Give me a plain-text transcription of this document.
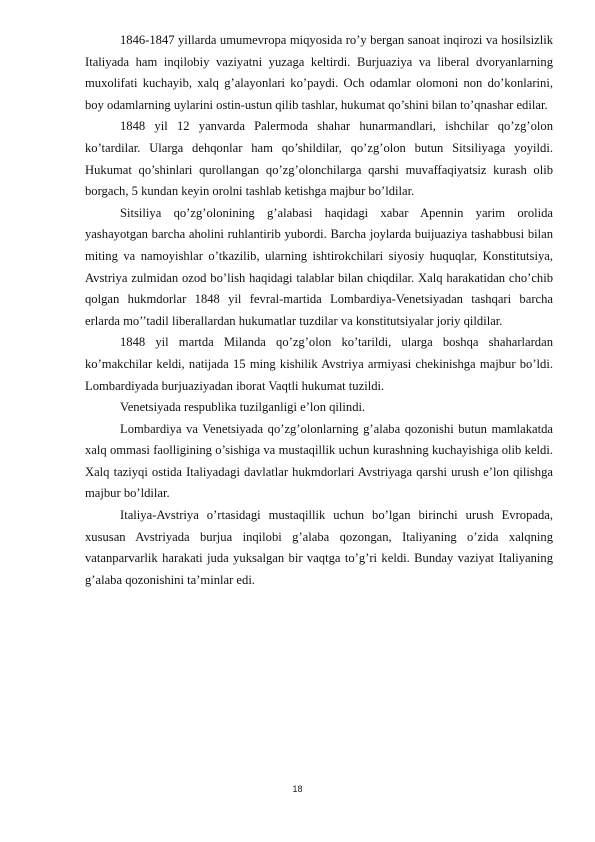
1846-1847 yillarda umumevropa miqyosida ro’y bergan sanoat inqirozi va hosilsizlik Italiyada ham inqilobiy vaziyatni yuzaga keltirdi. Burjuaziya va liberal dvoryanlarning muxolifati kuchayib, xalq g’alayonlari ko’paydi. Och odamlar olomoni non do’konlarini, boy odamlarning uylarini ostin-ustun qilib tashlar, hukumat qo’shini bilan to’qnashar edilar.

1848 yil 12 yanvarda Palermoda shahar hunarmandlari, ishchilar qo’zg’olon ko’tardilar. Ularga dehqonlar ham qo’shildilar, qo’zg’olon butun Sitsiliyaga yoyildi. Hukumat qo’shinlari qurollangan qo’zg’olonchilarga qarshi muvaffaqiyatsiz kurash olib borgach, 5 kundan keyin orolni tashlab ketishga majbur bo’ldilar.

Sitsiliya qo’zg’olonining g’alabasi haqidagi xabar Apennin yarim orolida yashayotgan barcha aholini ruhlantirib yubordi. Barcha joylarda buijuaziya tashabbusi bilan miting va namoyishlar o’tkazilib, ularning ishtirokchilari siyosiy huquqlar, Konstitutsiya, Avstriya zulmidan ozod bo’lish haqidagi talablar bilan chiqdilar. Xalq harakatidan cho’chib qolgan hukmdorlar 1848 yil fevral-martida Lombardiya-Venetsiyadan tashqari barcha erlarda mo’’tadil liberallardan hukumatlar tuzdilar va konstitutsiyalar joriy qildilar.

1848 yil martda Milanda qo’zg’olon ko’tarildi, ularga boshqa shaharlardan ko’makchilar keldi, natijada 15 ming kishilik Avstriya armiyasi chekinishga majbur bo’ldi. Lombardiyada burjuaziyadan iborat Vaqtli hukumat tuzildi.

Venetsiyada respublika tuzilganligi e’lon qilindi.

Lombardiya va Venetsiyada qo’zg’olonlarning g’alaba qozonishi butun mamlakatda xalq ommasi faolligining o’sishiga va mustaqillik uchun kurashning kuchayishiga olib keldi. Xalq taziyqi ostida Italiyadagi davlatlar hukmdorlari Avstriyaga qarshi urush e’lon qilishga majbur bo’ldilar.

Italiya-Avstriya o’rtasidagi mustaqillik uchun bo’lgan birinchi urush Evropada, xususan Avstriyada burjua inqilobi g’alaba qozongan, Italiyaning o’zida xalqning vatanparvarlik harakati juda yuksalgan bir vaqtga to’g’ri keldi. Bunday vaziyat Italiyaning g’alaba qozonishini ta’minlar edi.

18
